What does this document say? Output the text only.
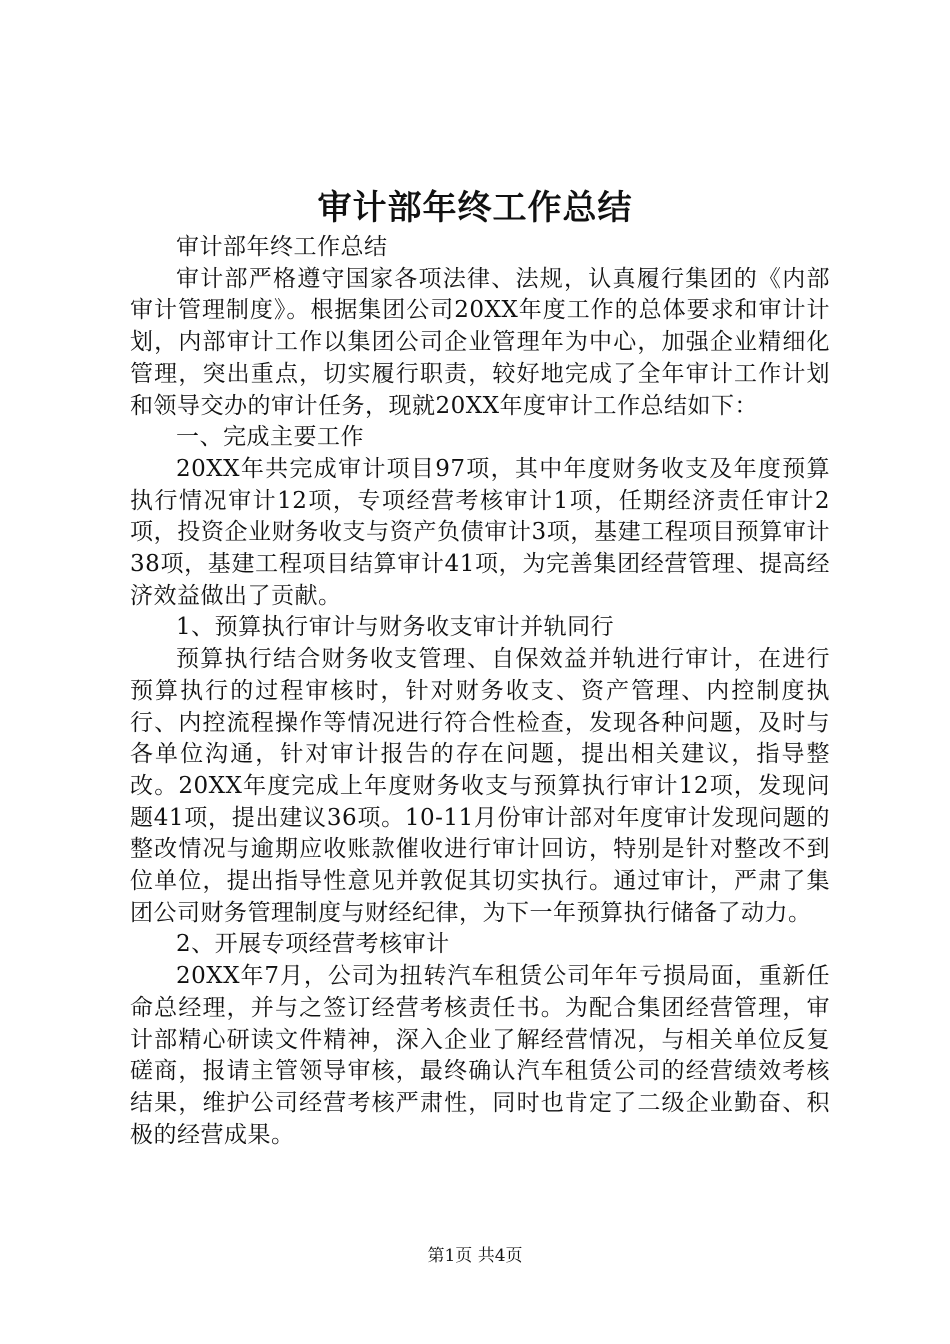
审计部年终工作总结

审计部年终工作总结

审计部严格遵守国家各项法律、法规，认真履行集团的《内部审计管理制度》。根据集团公司20XX年度工作的总体要求和审计计划，内部审计工作以集团公司企业管理年为中心，加强企业精细化管理，突出重点，切实履行职责，较好地完成了全年审计工作计划和领导交办的审计任务，现就20XX年度审计工作总结如下：

一、完成主要工作

20XX年共完成审计项目97项，其中年度财务收支及年度预算执行情况审计12项，专项经营考核审计1项，任期经济责任审计2项，投资企业财务收支与资产负债审计3项，基建工程项目预算审计38项，基建工程项目结算审计41项，为完善集团经营管理、提高经济效益做出了贡献。

1、预算执行审计与财务收支审计并轨同行

预算执行结合财务收支管理、自保效益并轨进行审计，在进行预算执行的过程审核时，针对财务收支、资产管理、内控制度执行、内控流程操作等情况进行符合性检查，发现各种问题，及时与各单位沟通，针对审计报告的存在问题，提出相关建议，指导整改。20XX年度完成上年度财务收支与预算执行审计12项，发现问题41项，提出建议36项。10-11月份审计部对年度审计发现问题的整改情况与逾期应收账款催收进行审计回访，特别是针对整改不到位单位，提出指导性意见并敦促其切实执行。通过审计，严肃了集团公司财务管理制度与财经纪律，为下一年预算执行储备了动力。

2、开展专项经营考核审计

20XX年7月，公司为扭转汽车租赁公司年年亏损局面，重新任命总经理，并与之签订经营考核责任书。为配合集团经营管理，审计部精心研读文件精神，深入企业了解经营情况，与相关单位反复磋商，报请主管领导审核，最终确认汽车租赁公司的经营绩效考核结果，维护公司经营考核严肃性，同时也肯定了二级企业勤奋、积极的经营成果。

第1页 共4页
